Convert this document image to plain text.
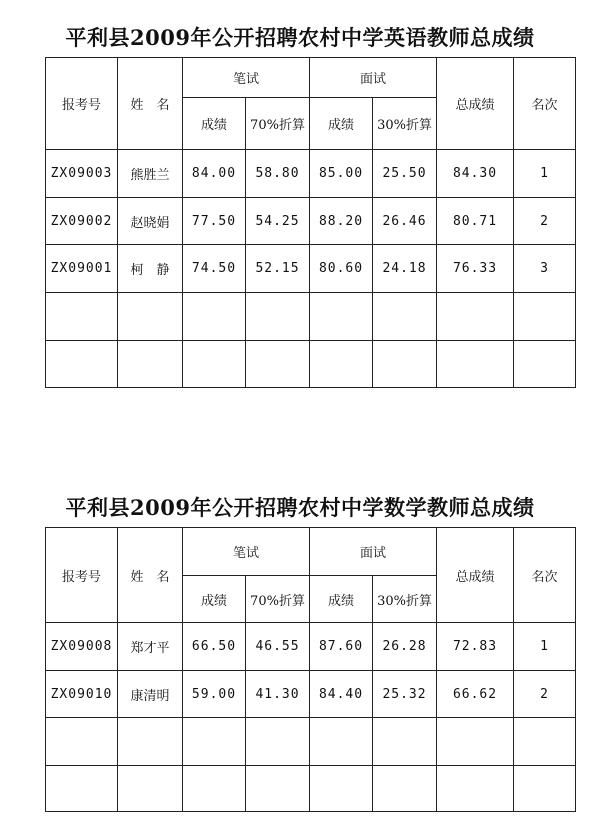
平利县2009年公开招聘农村中学英语教师总成绩
报考号	姓　名	笔试		面试		总成绩	名次
		成绩	70%折算	成绩	30%折算		
ZX09003	熊胜兰	84.00	58.80	85.00	25.50	84.30	1
ZX09002	赵晓娟	77.50	54.25	88.20	26.46	80.71	2
ZX09001	柯　静	74.50	52.15	80.60	24.18	76.33	3

平利县2009年公开招聘农村中学数学教师总成绩
报考号	姓　名	笔试		面试		总成绩	名次
		成绩	70%折算	成绩	30%折算		
ZX09008	郑才平	66.50	46.55	87.60	26.28	72.83	1
ZX09010	康清明	59.00	41.30	84.40	25.32	66.62	2
